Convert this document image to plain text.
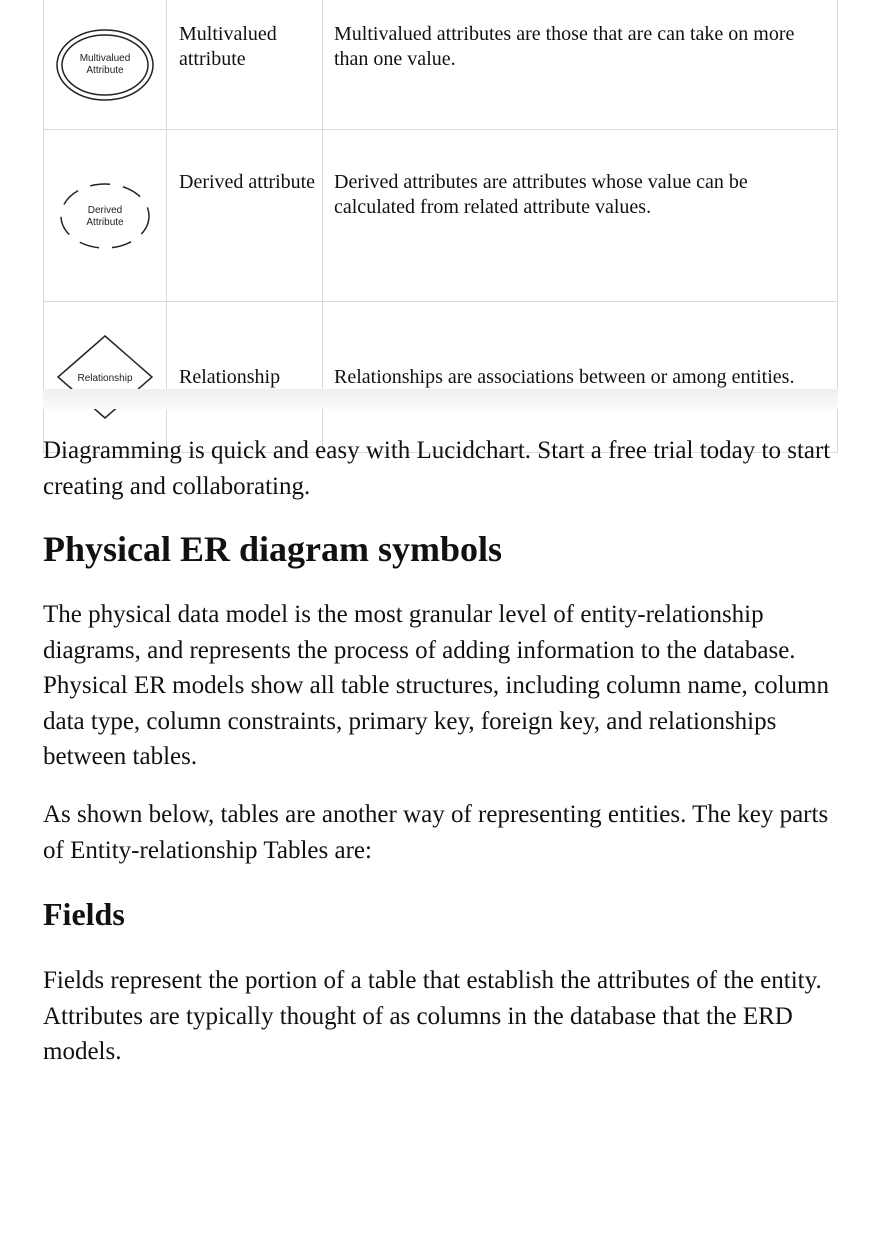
Multivalued
Attribute	Multivalued attribute	Multivalued attributes are those that are can take on more than one value.

Derived
Attribute	Derived attribute	Derived attributes are attributes whose value can be calculated from related attribute values.

Relationship	Relationship	Relationships are associations between or among entities.

Diagramming is quick and easy with Lucidchart. Start a free trial today to start creating and collaborating.

Physical ER diagram symbols

The physical data model is the most granular level of entity-relationship diagrams, and represents the process of adding information to the database. Physical ER models show all table structures, including column name, column data type, column constraints, primary key, foreign key, and relationships between tables.

As shown below, tables are another way of representing entities. The key parts of Entity-relationship Tables are:

Fields

Fields represent the portion of a table that establish the attributes of the entity. Attributes are typically thought of as columns in the database that the ERD models.
